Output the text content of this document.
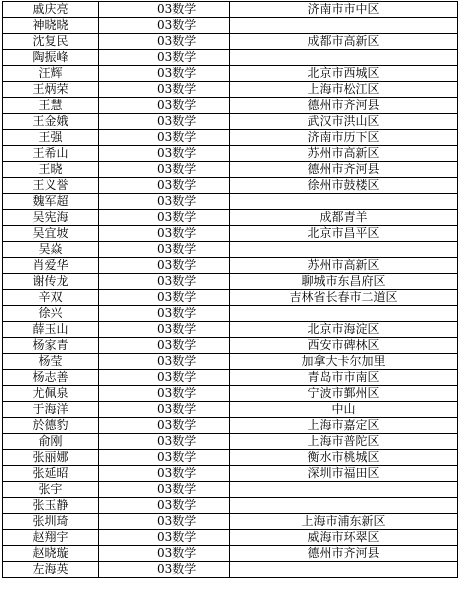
戚庆亮	03数学	济南市市中区
神晓晓	03数学	
沈复民	03数学	成都市高新区
陶振峰	03数学	
汪辉	03数学	北京市西城区
王炳荣	03数学	上海市松江区
王慧	03数学	德州市齐河县
王金娥	03数学	武汉市洪山区
王强	03数学	济南市历下区
王希山	03数学	苏州市高新区
王晓	03数学	德州市齐河县
王义誉	03数学	徐州市鼓楼区
魏军超	03数学	
吴宪海	03数学	成都青羊
吴宜坡	03数学	北京市昌平区
吴焱	03数学	
肖爱华	03数学	苏州市高新区
谢传龙	03数学	聊城市东昌府区
辛双	03数学	吉林省长春市二道区
徐兴	03数学	
薛玉山	03数学	北京市海淀区
杨家青	03数学	西安市碑林区
杨莹	03数学	加拿大卡尔加里
杨志善	03数学	青岛市市南区
尤佩泉	03数学	宁波市鄞州区
于海洋	03数学	中山
於德豹	03数学	上海市嘉定区
俞刚	03数学	上海市普陀区
张丽娜	03数学	衡水市桃城区
张延昭	03数学	深圳市福田区
张宇	03数学	
张玉静	03数学	
张圳琦	03数学	上海市浦东新区
赵翔宇	03数学	威海市环翠区
赵晓璇	03数学	德州市齐河县
左海英	03数学	
